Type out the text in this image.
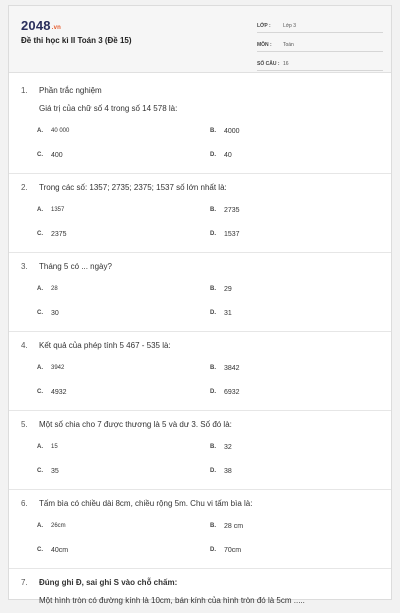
2048.vn
Đề thi học kì II Toán 3 (Đề 15)
LỚP :	Lớp 3
MÔN :	Toán
SỐ CÂU : 16
1.	Phần trắc nghiệm
Giá trị của chữ số 4 trong số 14 578 là:
A.	40 000	B.	4000
C.	400	D.	40
2.	Trong các số: 1357; 2735; 2375; 1537 số lớn nhất là:
A.	1357	B.	2735
C.	2375	D.	1537
3.	Tháng 5 có ... ngày?
A.	28	B.	29
C.	30	D.	31
4.	Kết quả của phép tính 5 467 - 535 là:
A.	3942	B.	3842
C.	4932	D.	6932
5.	Một số chia cho 7 được thương là 5 và dư 3. Số đó là:
A.	15	B.	32
C.	35	D.	38
6.	Tấm bìa có chiều dài 8cm, chiều rộng 5m. Chu vi tấm bìa là:
A.	26cm	B.	28 cm
C.	40cm	D.	70cm
7.	Đúng ghi Đ, sai ghi S vào chỗ chấm:
Một hình tròn có đường kính là 10cm, bán kính của hình tròn đó là 5cm .....
